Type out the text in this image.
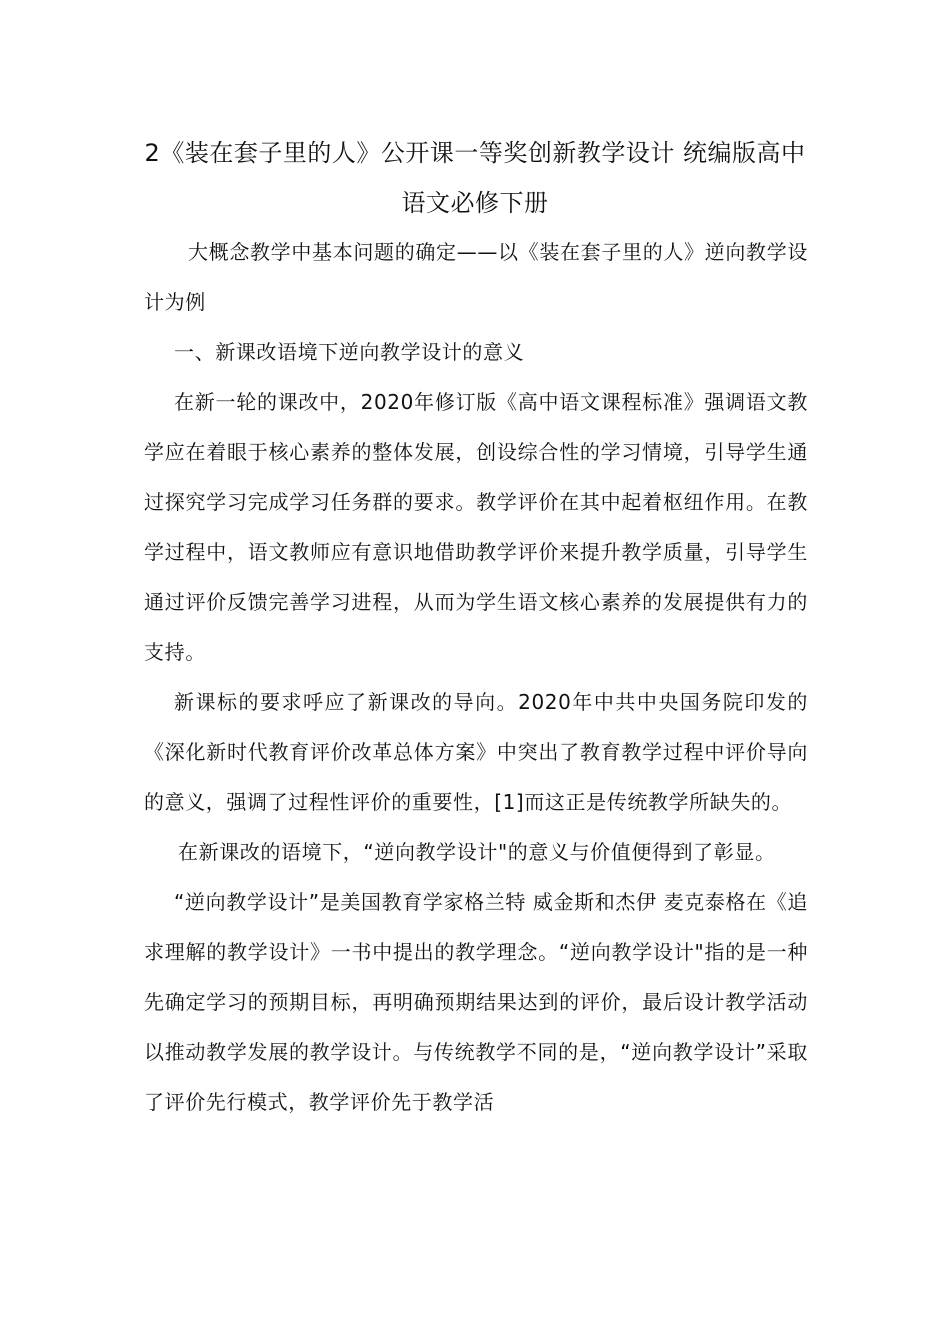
2《装在套子里的人》公开课一等奖创新教学设计 统编版高中语文必修下册

大概念教学中基本问题的确定——以《装在套子里的人》逆向教学设计为例

一、新课改语境下逆向教学设计的意义

在新一轮的课改中，2020年修订版《高中语文课程标准》强调语文教学应在着眼于核心素养的整体发展，创设综合性的学习情境，引导学生通过探究学习完成学习任务群的要求。教学评价在其中起着枢纽作用。在教学过程中，语文教师应有意识地借助教学评价来提升教学质量，引导学生通过评价反馈完善学习进程，从而为学生语文核心素养的发展提供有力的支持。

新课标的要求呼应了新课改的导向。2020年中共中央国务院印发的《深化新时代教育评价改革总体方案》中突出了教育教学过程中评价导向的意义，强调了过程性评价的重要性，[1]而这正是传统教学所缺失的。

在新课改的语境下，“逆向教学设计"的意义与价值便得到了彰显。

“逆向教学设计”是美国教育学家格兰特 威金斯和杰伊 麦克泰格在《追求理解的教学设计》一书中提出的教学理念。“逆向教学设计"指的是一种先确定学习的预期目标，再明确预期结果达到的评价，最后设计教学活动以推动教学发展的教学设计。与传统教学不同的是，“逆向教学设计”采取了评价先行模式，教学评价先于教学活
